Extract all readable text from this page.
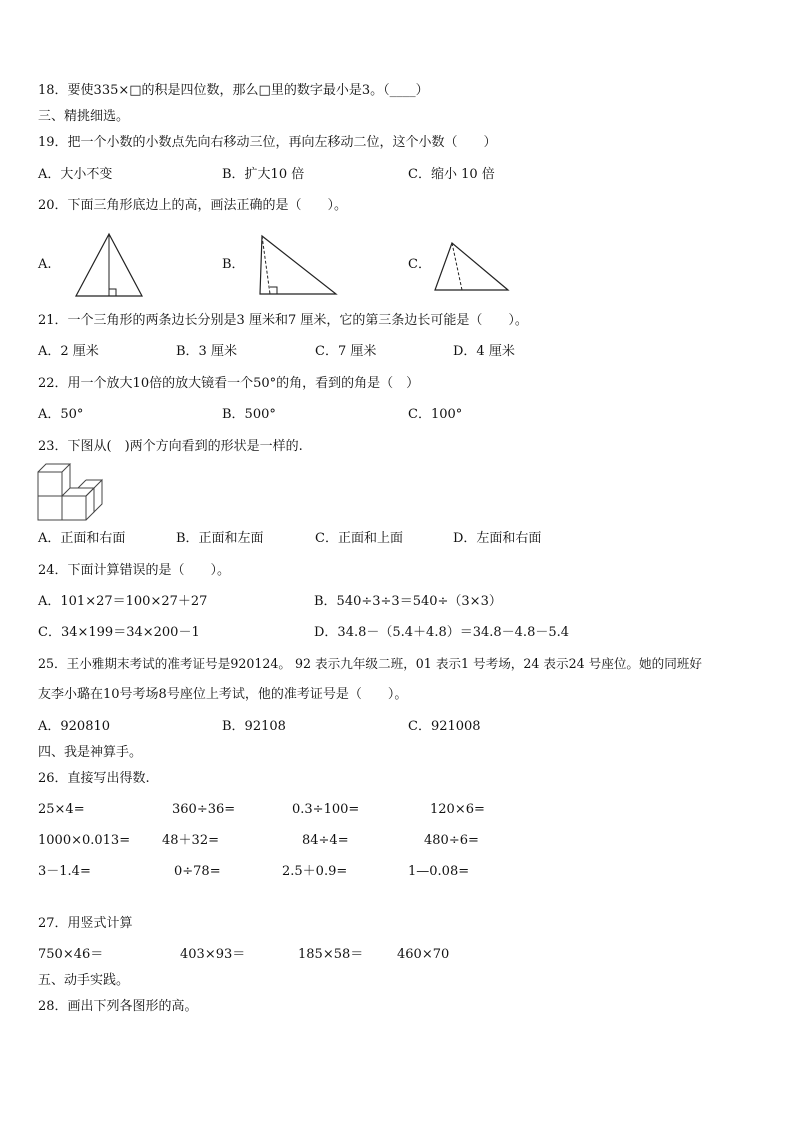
18．要使335×□的积是四位数，那么□里的数字最小是3。（____）
三、精挑细选。
19．把一个小数的小数点先向右移动三位，再向左移动二位，这个小数（　　）
A．大小不变	B．扩大10 倍	C．缩小 10 倍
20．下面三角形底边上的高，画法正确的是（　　）。
A.	B．	C．
21．一个三角形的两条边长分别是3 厘米和7 厘米，它的第三条边长可能是（　　）。
A．2 厘米	B．3 厘米	C．7 厘米	D．4 厘米
22．用一个放大10倍的放大镜看一个50°的角，看到的角是（　）
A．50°	B．500°	C．100°
23．下图从(　)两个方向看到的形状是一样的.
A．正面和右面	B．正面和左面	C．正面和上面	D．左面和右面
24．下面计算错误的是（　　）。
A．101×27＝100×27＋27	B．540÷3÷3＝540÷（3×3）
C．34×199＝34×200－1	D．34.8－（5.4＋4.8）＝34.8－4.8－5.4
25．王小雅期末考试的准考证号是920124。 92 表示九年级二班，01 表示1 号考场，24 表示24 号座位。她的同班好
友李小璐在10号考场8号座位上考试，他的准考证号是（　　）。
A．920810	B．92108	C．921008
四、我是神算手。
26．直接写出得数.
25×4=	360÷36=	0.3÷100=	120×6=
1000×0.013= 48＋32=	84÷4=	480÷6=
3－1.4=	0÷78=	2.5＋0.9=	1—0.08=
27．用竖式计算
750×46＝	403×93＝	185×58＝	460×70
五、动手实践。
28．画出下列各图形的高。
